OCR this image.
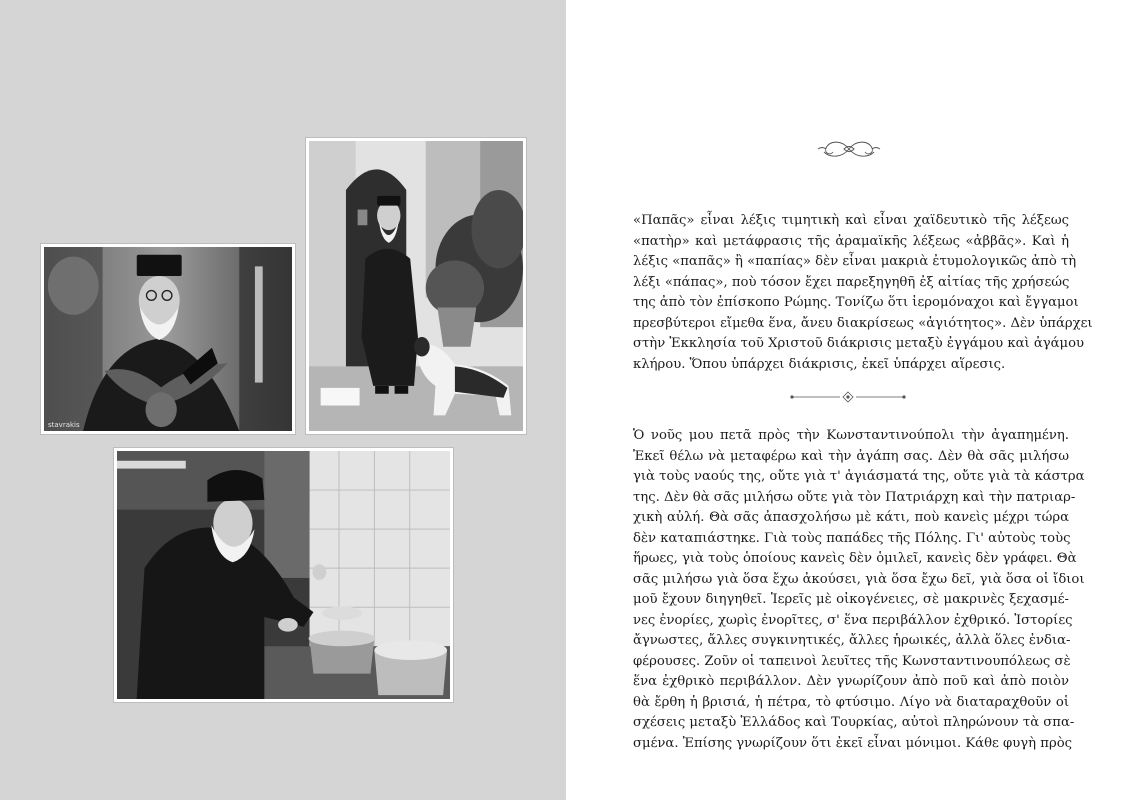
stavrakis

«Παπᾶς» εἶναι λέξις τιμητικὴ καὶ εἶναι χαϊδευτικὸ τῆς λέξεως
«πατὴρ» καὶ μετάφρασις τῆς ἀραμαϊκῆς λέξεως «ἀββᾶς». Καὶ ἡ
λέξις «παπᾶς» ἢ «παπίας» δὲν εἶναι μακριὰ ἐτυμολογικῶς ἀπὸ τὴ
λέξι «πάπας», ποὺ τόσον ἔχει παρεξηγηθῆ ἐξ αἰτίας τῆς χρήσεώς
της ἀπὸ τὸν ἐπίσκοπο Ρώμης. Τονίζω ὅτι ἱερομόναχοι καὶ ἔγγαμοι
πρεσβύτεροι εἴμεθα ἕνα, ἄνευ διακρίσεως «ἁγιότητος». Δὲν ὑπάρχει
στὴν Ἐκκλησία τοῦ Χριστοῦ διάκρισις μεταξὺ ἐγγάμου καὶ ἀγάμου
κλήρου. Ὅπου ὑπάρχει διάκρισις, ἐκεῖ ὑπάρχει αἵρεσις.

Ὁ νοῦς μου πετᾶ πρὸς τὴν Κωνσταντινούπολι τὴν ἀγαπημένη.
Ἐκεῖ θέλω νὰ μεταφέρω καὶ τὴν ἀγάπη σας. Δὲν θὰ σᾶς μιλήσω
γιὰ τοὺς ναούς της, οὔτε γιὰ τ' ἁγιάσματά της, οὔτε γιὰ τὰ κάστρα
της. Δὲν θὰ σᾶς μιλήσω οὔτε γιὰ τὸν Πατριάρχη καὶ τὴν πατριαρ-
χικὴ αὐλή. Θὰ σᾶς ἀπασχολήσω μὲ κάτι, ποὺ κανεὶς μέχρι τώρα
δὲν καταπιάστηκε. Γιὰ τοὺς παπάδες τῆς Πόλης. Γι' αὐτοὺς τοὺς
ἥρωες, γιὰ τοὺς ὁποίους κανεὶς δὲν ὁμιλεῖ, κανεὶς δὲν γράφει. Θὰ
σᾶς μιλήσω γιὰ ὅσα ἔχω ἀκούσει, γιὰ ὅσα ἔχω δεῖ, γιὰ ὅσα οἱ ἴδιοι
μοῦ ἔχουν διηγηθεῖ. Ἱερεῖς μὲ οἰκογένειες, σὲ μακρινὲς ξεχασμέ-
νες ἐνορίες, χωρὶς ἐνορῖτες, σ' ἕνα περιβάλλον ἐχθρικό. Ἱστορίες
ἄγνωστες, ἄλλες συγκινητικές, ἄλλες ἡρωικές, ἀλλὰ ὅλες ἐνδια-
φέρουσες. Ζοῦν οἱ ταπεινοὶ λευῖτες τῆς Κωνσταντινουπόλεως σὲ
ἕνα ἐχθρικὸ περιβάλλον. Δὲν γνωρίζουν ἀπὸ ποῦ καὶ ἀπὸ ποιὸν
θὰ ἔρθη ἡ βρισιά, ἡ πέτρα, τὸ φτύσιμο. Λίγο νὰ διαταραχθοῦν οἱ
σχέσεις μεταξὺ Ἑλλάδος καὶ Τουρκίας, αὐτοὶ πληρώνουν τὰ σπα-
σμένα. Ἐπίσης γνωρίζουν ὅτι ἐκεῖ εἶναι μόνιμοι. Κάθε φυγὴ πρὸς
